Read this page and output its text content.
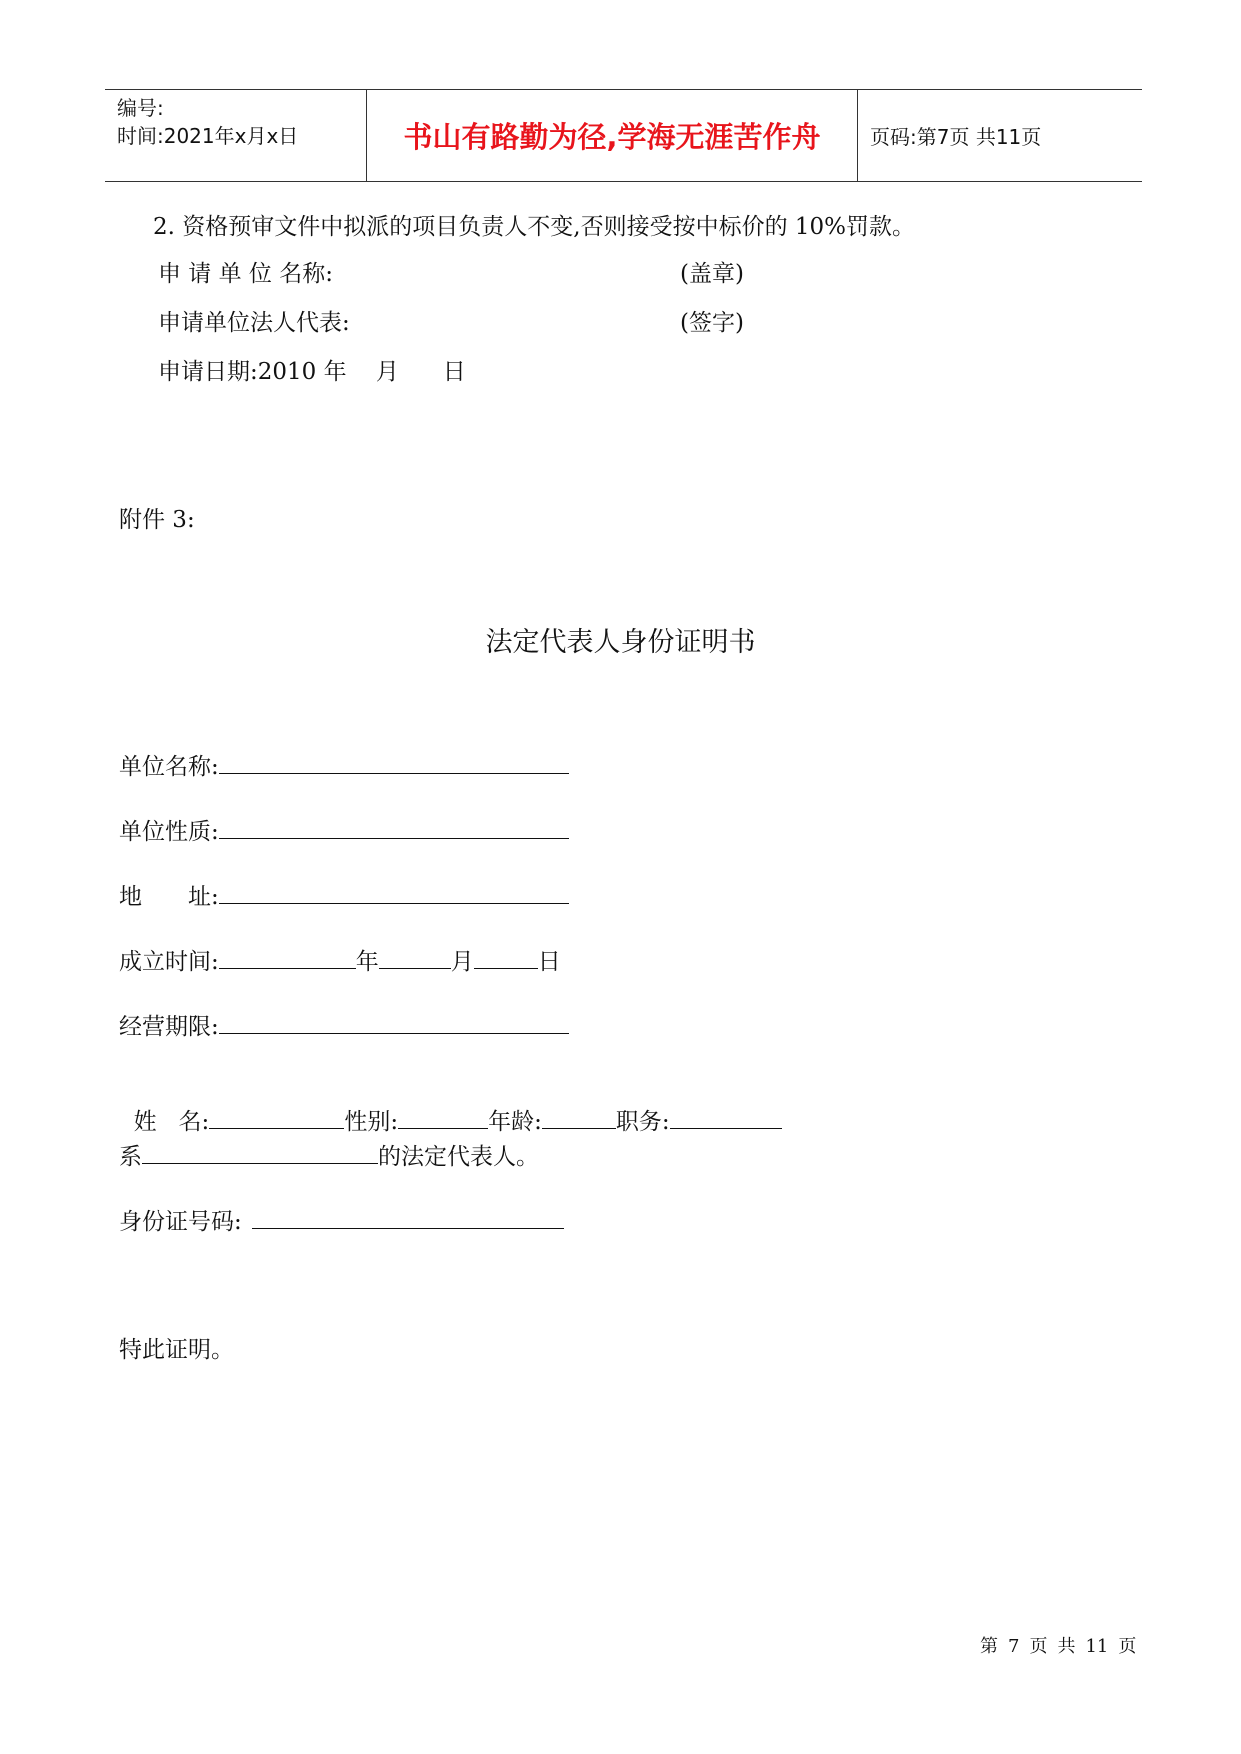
编号:
时间:2021年x月x日	书山有路勤为径,学海无涯苦作舟	页码:第7页 共11页
2. 资格预审文件中拟派的项目负责人不变,否则接受按中标价的 10%罚款。
申 请 单 位 名称:	(盖章)
申请单位法人代表:	(签字)
申请日期:2010 年    月      日
附件 3:
法定代表人身份证明书
单位名称:
单位性质:
地 址:
成立时间:	年	月	日
经营期限:

姓   名:	性别:	年龄:	职务:

系	的法定代表人。
身份证号码:
特此证明。
第 7 页 共 11 页
